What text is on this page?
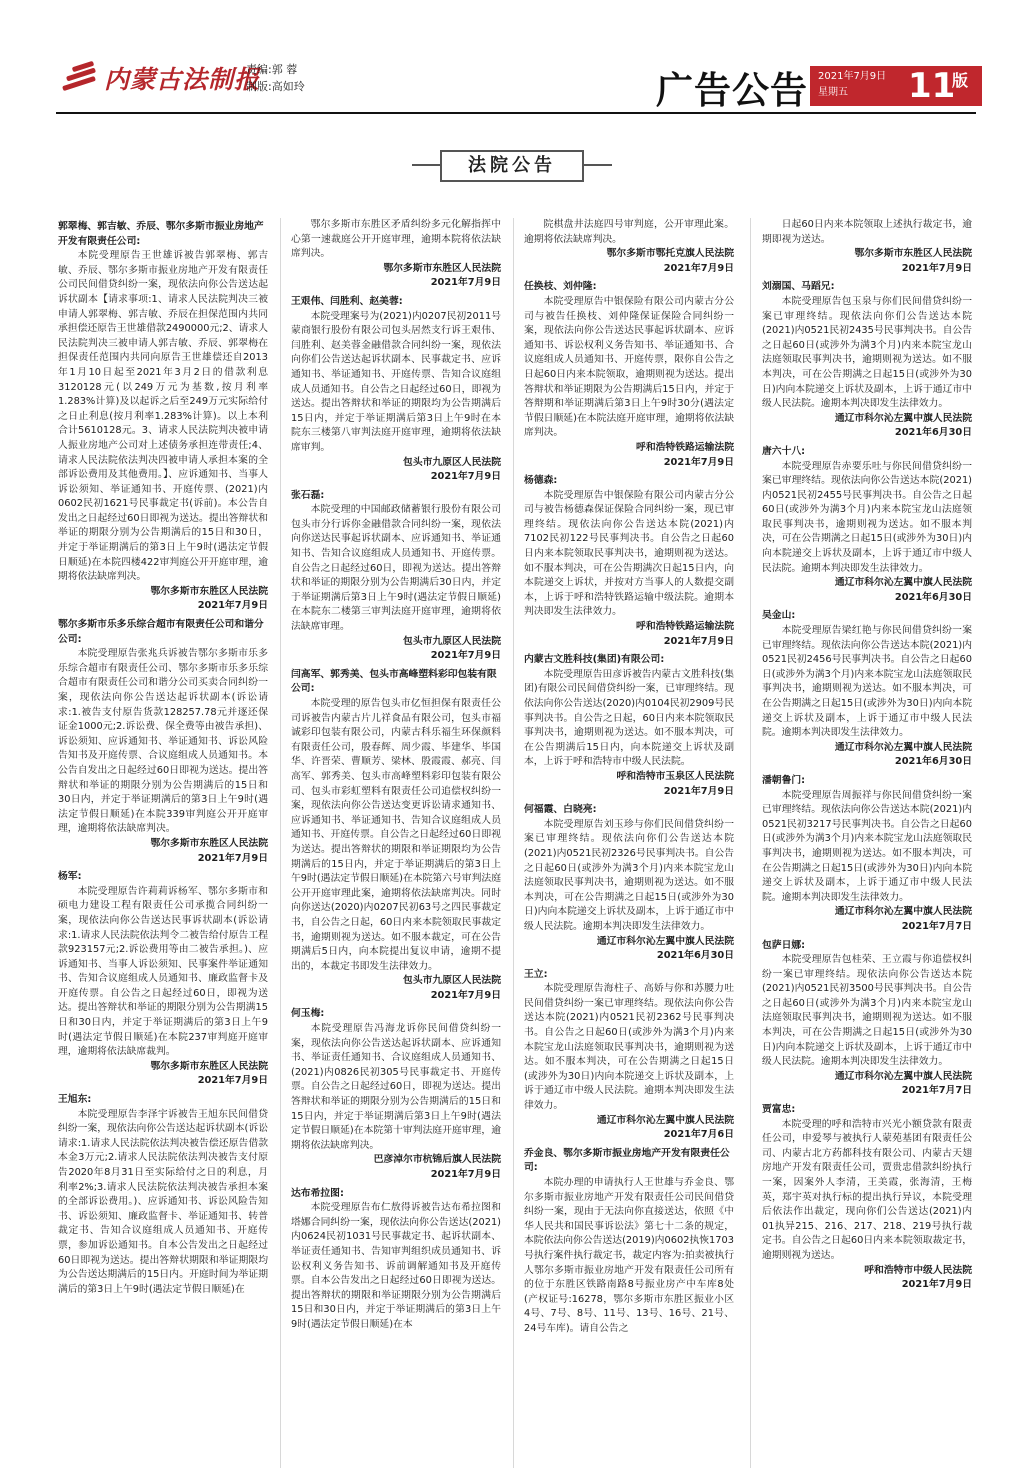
内蒙古法制报
责编:郭 蓉
制版:高如玲	广告公告 2021年7月9日
星期五	11
版
法院公告
郭翠梅、郭吉敏、乔辰、鄂尔多斯市振业房地产开发有限责任公司:
本院受理原告王世雄诉被告郭翠梅、郭吉敏、乔辰、鄂尔多斯市振业房地产开发有限责任公司民间借贷纠纷一案，现依法向你公告送达起诉状副本【请求事项:1、请求人民法院判决三被申请人郭翠梅、郭吉敏、乔辰在担保范围内共同承担偿还原告王世雄借款2490000元;2、请求人民法院判决三被申请人郭吉敏、乔辰、郭翠梅在担保责任范围内共同向原告王世雄偿还自2013年1月10日起至2021年3月2日的借款利息3120128元(以249万元为基数,按月利率1.283%计算)及以起诉之后至249万元实际给付之日止利息(按月利率1.283%计算)。以上本利合计5610128元。3、请求人民法院判决被申请人振业房地产公司对上述债务承担连带责任;4、请求人民法院依法判决四被申请人承担本案的全部诉讼费用及其他费用。】、应诉通知书、当事人诉讼须知、举证通知书、开庭传票、(2021)内0602民初1621号民事裁定书(诉前)。本公告自发出之日起经过60日即视为送达。提出答辩状和举证的期限分别为公告期满后的15日和30日，并定于举证期满后的第3日上午9时(遇法定节假日顺延)在本院四楼422审判庭公开开庭审理，逾期将依法缺席判决。
鄂尔多斯市东胜区人民法院
2021年7月9日
鄂尔多斯市乐多乐综合超市有限责任公司和谐分公司:
本院受理原告张兆兵诉被告鄂尔多斯市乐多乐综合超市有限责任公司、鄂尔多斯市乐多乐综合超市有限责任公司和谐分公司买卖合同纠纷一案，现依法向你公告送达起诉状副本(诉讼请求:1.被告支付原告货款128257.78元并逐还保证金1000元;2.诉讼费、保全费等由被告承担)、诉讼须知、应诉通知书、举证通知书、诉讼风险告知书及开庭传票、合议庭组成人员通知书。本公告自发出之日起经过60日即视为送达。提出答辩状和举证的期限分别为公告期满后的15日和30日内，并定于举证期满后的第3日上午9时(遇法定节假日顺延)在本院339审判庭公开开庭审理，逾期将依法缺席判决。
鄂尔多斯市东胜区人民法院
2021年7月9日
杨军:
本院受理原告许莉莉诉杨军、鄂尔多斯市和硕电力建设工程有限责任公司承揽合同纠纷一案，现依法向你公告送达民事诉状副本(诉讼请求:1.请求人民法院依法判令二被告给付原告工程款923157元;2.诉讼费用等由二被告承担。)、应诉通知书、当事人诉讼须知、民事案件举证通知书、告知合议庭组成人员通知书、廉政监督卡及开庭传票。自公告之日起经过60日，即视为送达。提出答辩状和举证的期限分别为公告期满15日和30日内，并定于举证期满后的第3日上午9时(遇法定节假日顺延)在本院237审判庭开庭审理，逾期将依法缺席裁判。
鄂尔多斯市东胜区人民法院
2021年7月9日
王旭东:
本院受理原告李泽宇诉被告王旭东民间借贷纠纷一案，现依法向你公告送达起诉状副本(诉讼请求:1.请求人民法院依法判决被告偿还原告借款本金3万元;2.请求人民法院依法判决被告支付原告2020年8月31日至实际给付之日的利息，月利率2%;3.请求人民法院依法判决被告承担本案的全部诉讼费用。)、应诉通知书、诉讼风险告知书、诉讼须知、廉政监督卡、举证通知书、转普裁定书、告知合议庭组成人员通知书、开庭传票，参加诉讼通知书。自本公告发出之日起经过60日即视为送达。提出答辩状期限和举证期限均为公告送达期满后的15日内。开庭时间为举证期满后的第3日上午9时(遇法定节假日顺延)在
鄂尔多斯市东胜区矛盾纠纷多元化解指挥中心第一速裁庭公开开庭审理，逾期本院将依法缺席判决。
鄂尔多斯市东胜区人民法院
2021年7月9日
王艰伟、闫胜利、赵美蓉:
本院受理案号为(2021)内0207民初2011号蒙商银行股份有限公司包头居然支行诉王艰伟、闫胜利、赵美蓉金融借款合同纠纷一案，现依法向你们公告送达起诉状副本、民事裁定书、应诉通知书、举证通知书、开庭传票、告知合议庭组成人员通知书。自公告之日起经过60日，即视为送达。提出答辩状和举证的期限均为公告期满后15日内，并定于举证期满后第3日上午9时在本院东三楼第八审判法庭开庭审理，逾期将依法缺席审判。
包头市九原区人民法院
2021年7月9日
张石磊:
本院受理的中国邮政储蓄银行股份有限公司包头市分行诉你金融借款合同纠纷一案，现依法向你送达民事起诉状副本、应诉通知书、举证通知书、告知合议庭组成人员通知书、开庭传票。自公告之日起经过60日，即视为送达。提出答辩状和举证的期限分别为公告期满后30日内，并定于举证期满后第3日上午9时(遇法定节假日顺延)在本院东二楼第三审判法庭开庭审理，逾期将依法缺席审理。
包头市九原区人民法院
2021年7月9日
闫高军、郭秀美、包头市高峰塑料彩印包装有限公司:
本院受理的原告包头市亿恒担保有限责任公司诉被告内蒙古片儿祥食品有限公司，包头市福诚彩印包装有限公司，内蒙古科乐福生环保颜料有限责任公司，殷春辉、周少霞、毕建华、毕国华、许晋荣、曹顺芳、梁林、殷霞霞、郝亮、闫高军、郭秀美、包头市高峰塑料彩印包装有限公司、包头市彩虹塑料有限责任公司追偿权纠纷一案，现依法向你公告送达变更诉讼请求通知书、应诉通知书、举证通知书、告知合议庭组成人员通知书、开庭传票。自公告之日起经过60日即视为送达。提出答辩状的期限和举证期限均为公告期满后的15日内，并定于举证期满后的第3日上午9时(遇法定节假日顺延)在本院第六号审判法庭公开开庭审理此案，逾期将依法缺席判决。同时向你送达(2020)内0207民初63号之四民事裁定书，自公告之日起，60日内来本院领取民事裁定书，逾期则视为送达。如不服本裁定，可在公告期满后5日内，向本院提出复议申请，逾期不提出的，本裁定书即发生法律效力。
包头市九原区人民法院
2021年7月9日
何玉梅:
本院受理原告冯海龙诉你民间借贷纠纷一案，现依法向你公告送达起诉状副本、应诉通知书、举证责任通知书、合议庭组成人员通知书、(2021)内0826民初305号民事裁定书、开庭传票。自公告之日起经过60日，即视为送达。提出答辩状和举证的期限分别为公告期满后的15日和15日内，并定于举证期满后第3日上午9时(遇法定节假日顺延)在本院第十审判法庭开庭审理，逾期将依法缺席判决。
巴彦淖尔市杭锦后旗人民法院
2021年7月9日
达布希拉图:
本院受理原告布仁敖得诉被告达布希拉图和塔娜合同纠纷一案，现依法向你公告送达(2021)内0624民初1031号民事裁定书、起诉状副本、举证责任通知书、告知审判组织成员通知书、诉讼权利义务告知书、诉前调解通知书及开庭传票。自本公告发出之日起经过60日即视为送达。提出答辩状的期限和举证期限分别为公告期满后15日和30日内，并定于举证期满后的第3日上午9时(遇法定节假日顺延)在本
院棋盘井法庭四号审判庭，公开审理此案。逾期将依法缺席判决。
鄂尔多斯市鄂托克旗人民法院
2021年7月9日
任换枝、刘仲隆:
本院受理原告中银保险有限公司内蒙古分公司与被告任换枝、刘仲隆保证保险合同纠纷一案，现依法向你公告送达民事起诉状副本、应诉通知书、诉讼权利义务告知书、举证通知书、合议庭组成人员通知书、开庭传票，限你自公告之日起60日内来本院领取，逾期则视为送达。提出答辩状和举证期限为公告期满后15日内，并定于答辩期和举证期满后第3日上午9时30分(遇法定节假日顺延)在本院法庭开庭审理，逾期将依法缺席判决。
呼和浩特铁路运输法院
2021年7月9日
杨德森:
本院受理原告中银保险有限公司内蒙古分公司与被告杨德森保证保险合同纠纷一案，现已审理终结。现依法向你公告送达本院(2021)内7102民初122号民事判决书。自公告之日起60日内来本院领取民事判决书，逾期则视为送达。如不服本判决，可在公告期满次日起15日内，向本院递交上诉状，并按对方当事人的人数提交副本，上诉于呼和浩特铁路运输中级法院。逾期本判决即发生法律效力。
呼和浩特铁路运输法院
2021年7月9日
内蒙古文胜科技(集团)有限公司:
本院受理原告田彦诉被告内蒙古文胜科技(集团)有限公司民间借贷纠纷一案，已审理终结。现依法向你公告送达(2020)内0104民初2909号民事判决书。自公告之日起，60日内来本院领取民事判决书，逾期则视为送达。如不服本判决，可在公告期满后15日内，向本院递交上诉状及副本，上诉于呼和浩特市中级人民法院。
呼和浩特市玉泉区人民法院
2021年7月9日
何福霞、白晓亮:
本院受理原告刘玉珍与你们民间借贷纠纷一案已审理终结。现依法向你们公告送达本院(2021)内0521民初2326号民事判决书。自公告之日起60日(或涉外为满3个月)内来本院宝龙山法庭领取民事判决书，逾期则视为送达。如不服本判决，可在公告期满之日起15日(或涉外为30日)内向本院递交上诉状及副本，上诉于通辽市中级人民法院。逾期本判决即发生法律效力。
通辽市科尔沁左翼中旗人民法院
2021年6月30日
王立:
本院受理原告海柱子、高娇与你和苏腰力吐民间借贷纠纷一案已审理终结。现依法向你公告送达本院(2021)内0521民初2362号民事判决书。自公告之日起60日(或涉外为满3个月)内来本院宝龙山法庭领取民事判决书，逾期则视为送达。如不服本判决，可在公告期满之日起15日(或涉外为30日)内向本院递交上诉状及副本，上诉于通辽市中级人民法院。逾期本判决即发生法律效力。
通辽市科尔沁左翼中旗人民法院
2021年7月6日
乔金良、鄂尔多斯市振业房地产开发有限责任公司:
本院办理的申请执行人王世雄与乔金良、鄂尔多斯市振业房地产开发有限责任公司民间借贷纠纷一案，现由于无法向你直接送达，依照《中华人民共和国民事诉讼法》第七十二条的规定，本院依法向你公告送达(2019)内0602执恢1703号执行案件执行裁定书，裁定内容为:拍卖被执行人鄂尔多斯市振业房地产开发有限责任公司所有的位于东胜区铁路南路8号振业房产中车库8处(产权证号:16278，鄂尔多斯市东胜区振业小区4号、7号、8号、11号、13号、16号、21号、24号车库)。请自公告之
日起60日内来本院领取上述执行裁定书，逾期即视为送达。
鄂尔多斯市东胜区人民法院
2021年7月9日
刘溺国、马蹈兄:
本院受理原告包玉泉与你们民间借贷纠纷一案已审理终结。现依法向你们公告送达本院(2021)内0521民初2435号民事判决书。自公告之日起60日(或涉外为满3个月)内来本院宝龙山法庭领取民事判决书，逾期则视为送达。如不服本判决，可在公告期满之日起15日(或涉外为30日)内向本院递交上诉状及副本，上诉于通辽市中级人民法院。逾期本判决即发生法律效力。
通辽市科尔沁左翼中旗人民法院
2021年6月30日
唐六十八:
本院受理原告赤要乐吐与你民间借贷纠纷一案已审理终结。现依法向你公告送达本院(2021)内0521民初2455号民事判决书。自公告之日起60日(或涉外为满3个月)内来本院宝龙山法庭领取民事判决书，逾期则视为送达。如不服本判决，可在公告期满之日起15日(或涉外为30日)内向本院递交上诉状及副本，上诉于通辽市中级人民法院。逾期本判决即发生法律效力。
通辽市科尔沁左翼中旗人民法院
2021年6月30日
吴金山:
本院受理原告梁红艳与你民间借贷纠纷一案已审理终结。现依法向你公告送达本院(2021)内0521民初2456号民事判决书。自公告之日起60日(或涉外为满3个月)内来本院宝龙山法庭领取民事判决书，逾期则视为送达。如不服本判决，可在公告期满之日起15日(或涉外为30日)内向本院递交上诉状及副本，上诉于通辽市中级人民法院。逾期本判决即发生法律效力。
通辽市科尔沁左翼中旗人民法院
2021年6月30日
潘朝鲁门:
本院受理原告周振祥与你民间借贷纠纷一案已审理终结。现依法向你公告送达本院(2021)内0521民初3217号民事判决书。自公告之日起60日(或涉外为满3个月)内来本院宝龙山法庭领取民事判决书，逾期则视为送达。如不服本判决，可在公告期满之日起15日(或涉外为30日)内向本院递交上诉状及副本，上诉于通辽市中级人民法院。逾期本判决即发生法律效力。
通辽市科尔沁左翼中旗人民法院
2021年7月7日
包萨日娜:
本院受理原告包桂荣、王立霞与你追偿权纠纷一案已审理终结。现依法向你公告送达本院(2021)内0521民初3500号民事判决书。自公告之日起60日(或涉外为满3个月)内来本院宝龙山法庭领取民事判决书，逾期则视为送达。如不服本判决，可在公告期满之日起15日(或涉外为30日)内向本院递交上诉状及副本，上诉于通辽市中级人民法院。逾期本判决即发生法律效力。
通辽市科尔沁左翼中旗人民法院
2021年7月7日
贾富忠:
本院受理的呼和浩特市兴光小额贷款有限责任公司，申爱琴与被执行人蒙苑基团有限责任公司、内蒙古北方药都科技有限公司、内蒙古天翅房地产开发有限责任公司，贾贵忠借款纠纷执行一案，因案外人李清，王美霞，张海清，王梅英，郑宇英对执行标的提出执行异议，本院受理后依法作出裁定，现向你们公告送达(2021)内01执异215、216、217、218、219号执行裁定书。自公告之日起60日内来本院领取裁定书，逾期则视为送达。
呼和浩特市中级人民法院
2021年7月9日
